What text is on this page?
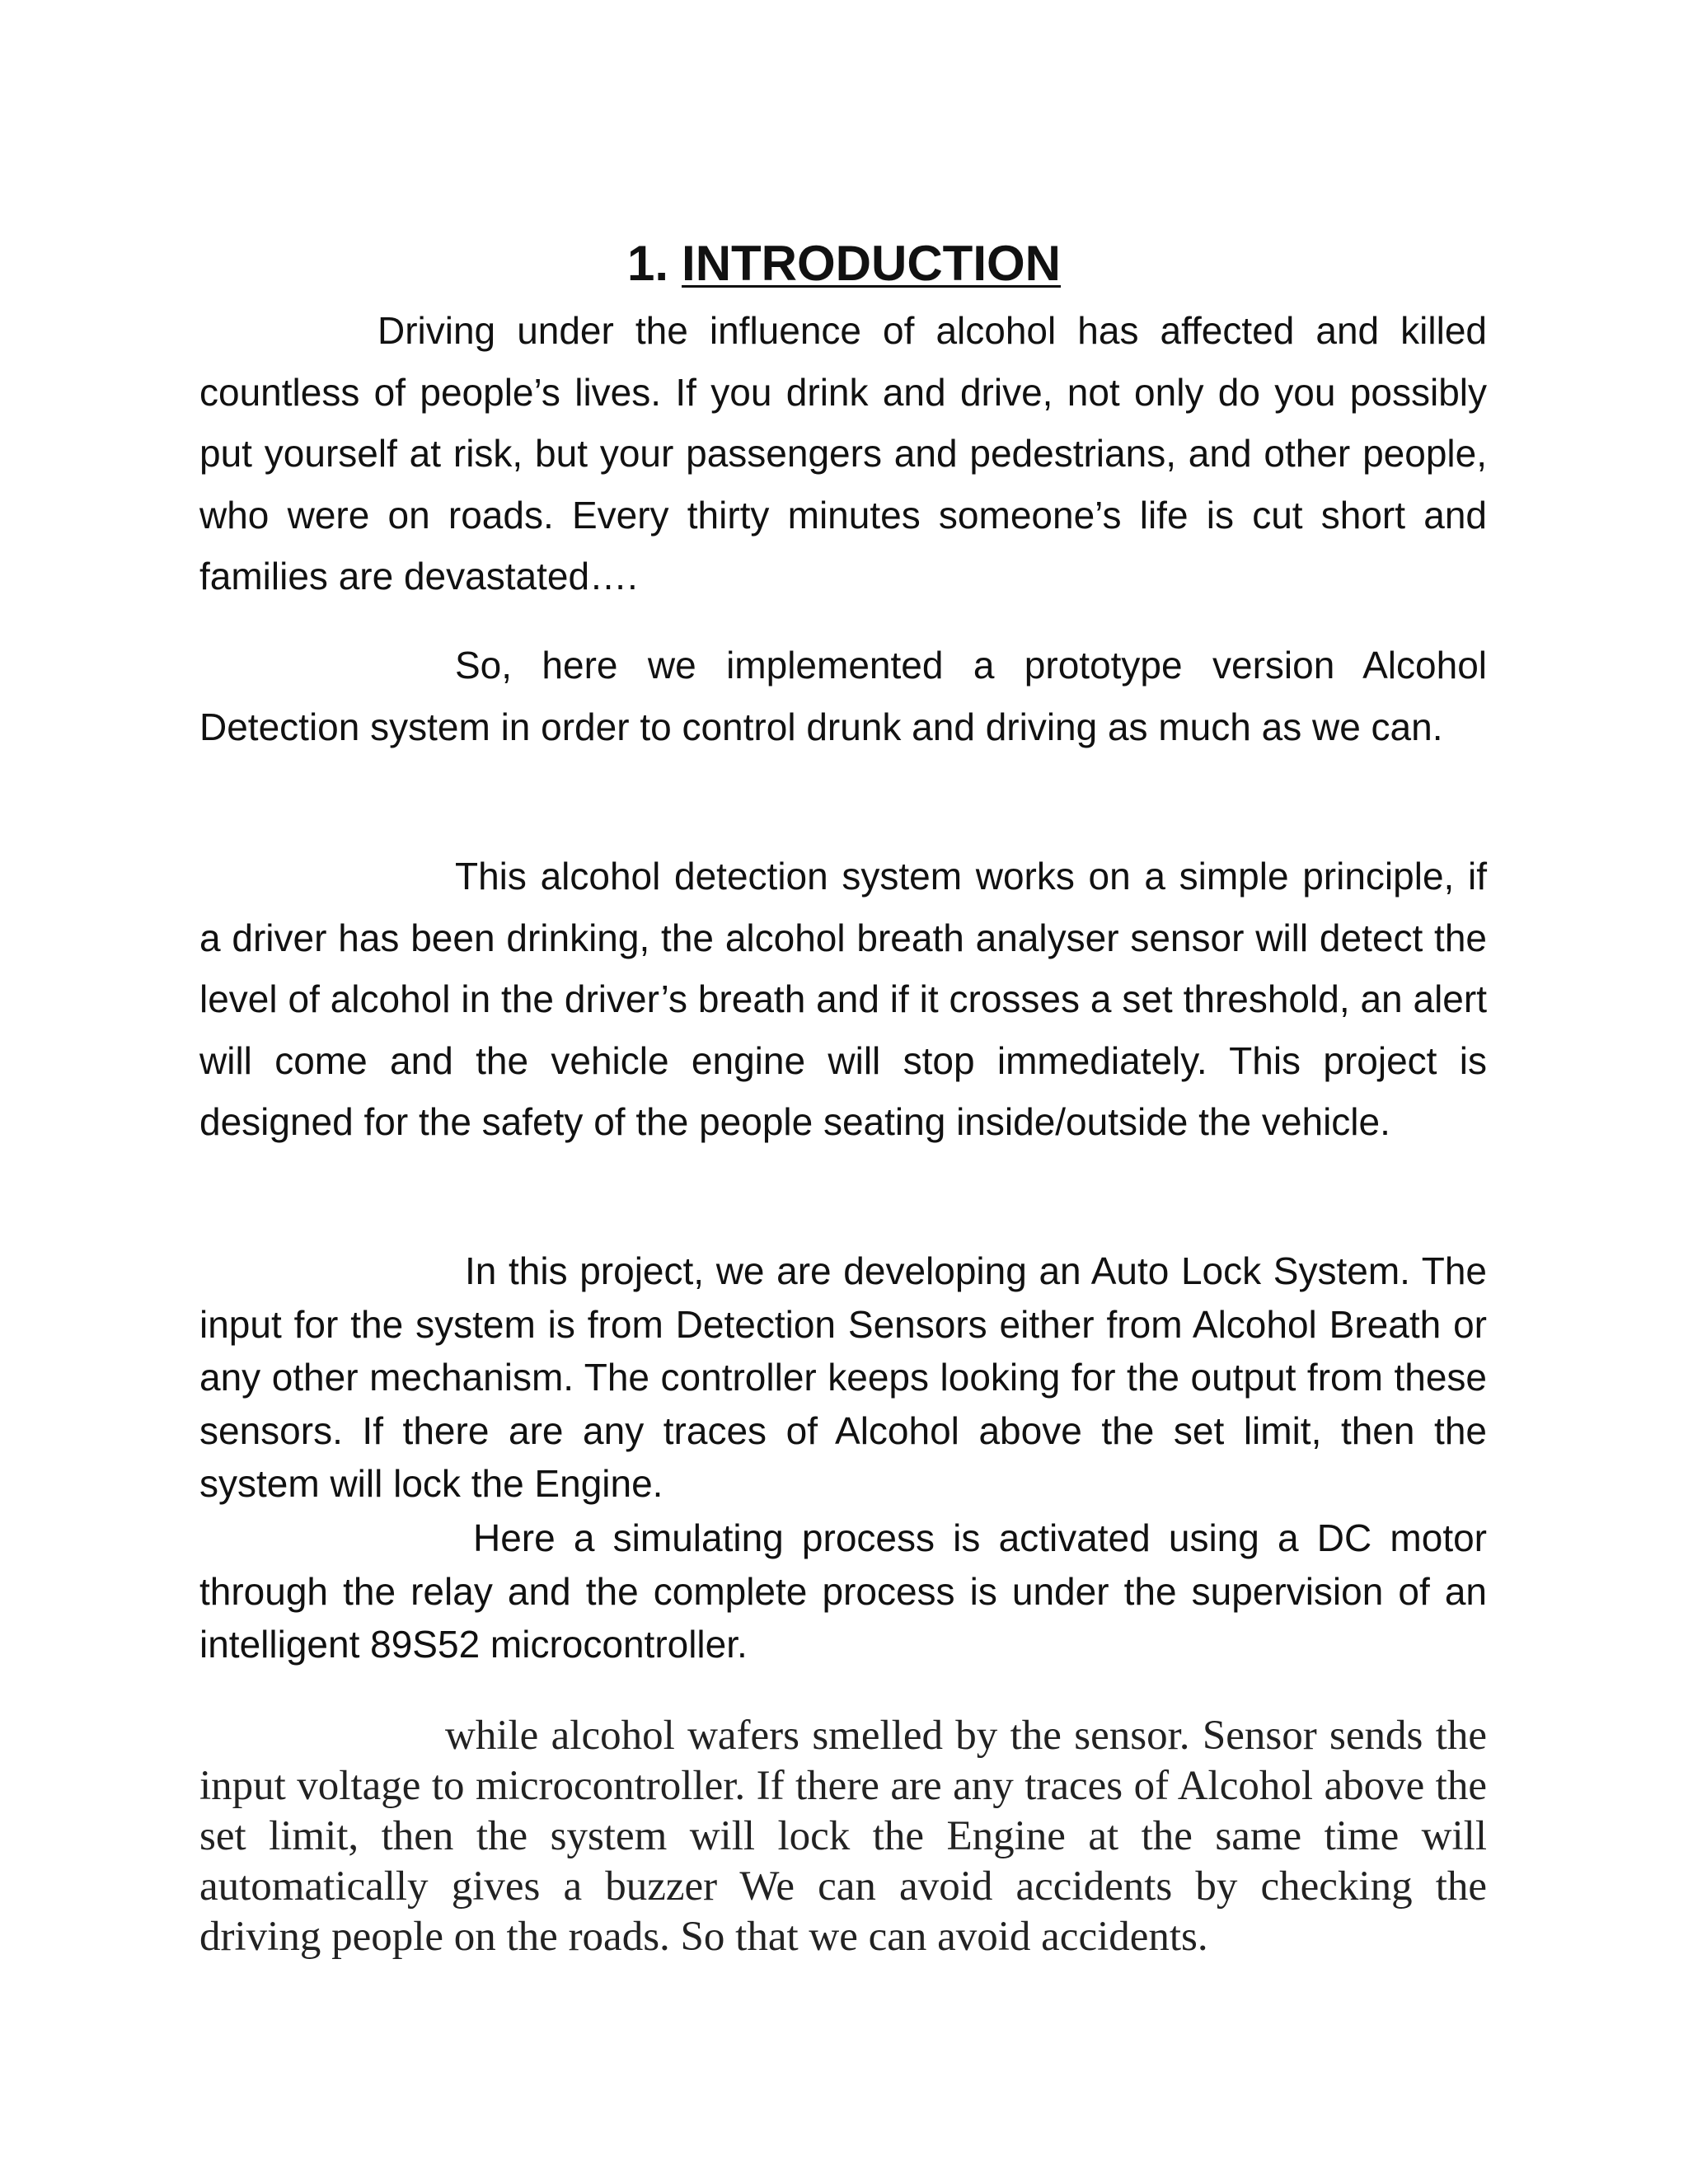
1. INTRODUCTION

Driving under the influence of alcohol has affected and killed countless of people’s lives. If you drink and drive, not only do you possibly put yourself at risk, but your passengers and pedestrians, and other people, who were on roads. Every thirty minutes someone’s life is cut short and families are devastated….

So, here we implemented a prototype version Alcohol Detection system in order to control drunk and driving as much as we can.

This alcohol detection system works on a simple principle, if a driver has been drinking, the alcohol breath analyser sensor will detect the level of alcohol in the driver’s breath and if it crosses a set threshold, an alert will come and the vehicle engine will stop immediately. This project is designed for the safety of the people seating inside/outside the vehicle.

In this project, we are developing an Auto Lock System. The input for the system is from Detection Sensors either from Alcohol Breath or any other mechanism. The controller keeps looking for the output from these sensors. If there are any traces of Alcohol above the set limit, then the system will lock the Engine.

Here a simulating process is activated using a DC motor through the relay and the complete process is under the supervision of an intelligent 89S52 microcontroller.

while alcohol wafers smelled by the sensor. Sensor sends the input voltage to microcontroller. If there are any traces of Alcohol above the set limit, then the system will lock the Engine at the same time will automatically gives a buzzer We can avoid accidents by checking the driving people on the roads. So that we can avoid accidents.
